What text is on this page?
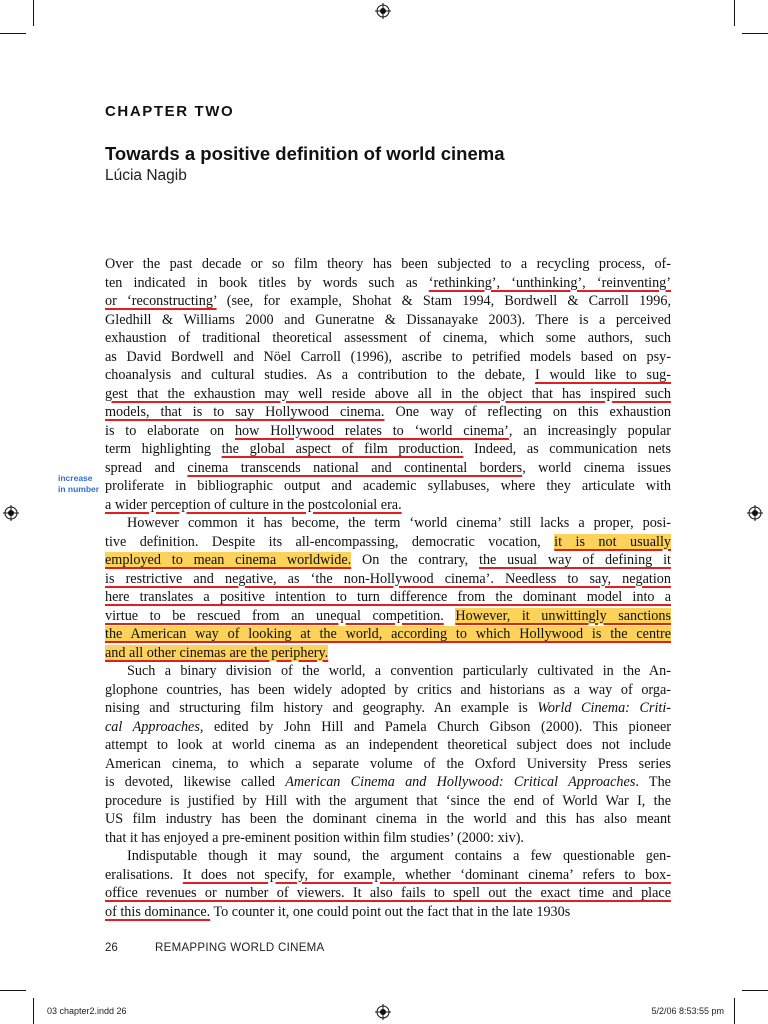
CHAPTER TWO
Towards a positive definition of world cinema
Lúcia Nagib
increase
in number
Over the past decade or so film theory has been subjected to a recycling process, of-
ten indicated in book titles by words such as ‘rethinking’, ‘unthinking’, ‘reinventing’
or ‘reconstructing’ (see, for example, Shohat & Stam 1994, Bordwell & Carroll 1996,
Gledhill & Williams 2000 and Guneratne & Dissanayake 2003). There is a perceived
exhaustion of traditional theoretical assessment of cinema, which some authors, such
as David Bordwell and Nöel Carroll (1996), ascribe to petrified models based on psy-
choanalysis and cultural studies. As a contribution to the debate, I would like to sug-
gest that the exhaustion may well reside above all in the object that has inspired such
models, that is to say Hollywood cinema. One way of reflecting on this exhaustion
is to elaborate on how Hollywood relates to ‘world cinema’, an increasingly popular
term highlighting the global aspect of film production. Indeed, as communication nets
spread and cinema transcends national and continental borders, world cinema issues
proliferate in bibliographic output and academic syllabuses, where they articulate with
a wider perception of culture in the postcolonial era.
However common it has become, the term ‘world cinema’ still lacks a proper, posi-
tive definition. Despite its all-encompassing, democratic vocation, it is not usually
employed to mean cinema worldwide. On the contrary, the usual way of defining it
is restrictive and negative, as ‘the non-Hollywood cinema’. Needless to say, negation
here translates a positive intention to turn difference from the dominant model into a
virtue to be rescued from an unequal competition. However, it unwittingly sanctions
the American way of looking at the world, according to which Hollywood is the centre
and all other cinemas are the periphery.
Such a binary division of the world, a convention particularly cultivated in the An-
glophone countries, has been widely adopted by critics and historians as a way of orga-
nising and structuring film history and geography. An example is World Cinema: Criti-
cal Approaches, edited by John Hill and Pamela Church Gibson (2000). This pioneer
attempt to look at world cinema as an independent theoretical subject does not include
American cinema, to which a separate volume of the Oxford University Press series
is devoted, likewise called American Cinema and Hollywood: Critical Approaches. The
procedure is justified by Hill with the argument that ‘since the end of World War I, the
US film industry has been the dominant cinema in the world and this has also meant
that it has enjoyed a pre-eminent position within film studies’ (2000: xiv).
Indisputable though it may sound, the argument contains a few questionable gen-
eralisations. It does not specify, for example, whether ‘dominant cinema’ refers to box-
office revenues or number of viewers. It also fails to spell out the exact time and place
of this dominance. To counter it, one could point out the fact that in the late 1930s
26	REMAPPING WORLD CINEMA
03 chapter2.indd 26	5/2/06 8:53:55 pm
